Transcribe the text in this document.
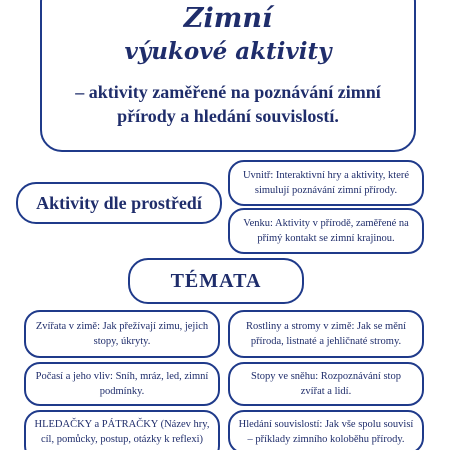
Zimní
výukové aktivity
– aktivity zaměřené na poznávání zimní přírody a hledání souvislostí.
Aktivity dle prostředí
Uvnitř: Interaktivní hry a aktivity, které simulují poznávání zimní přírody.
Venku: Aktivity v přírodě, zaměřené na přímý kontakt se zimní krajinou.
TÉMATA
Zvířata v zimě: Jak přežívají zimu, jejich stopy, úkryty.
Rostliny a stromy v zimě: Jak se mění příroda, listnaté a jehličnaté stromy.
Počasí a jeho vliv: Sníh, mráz, led, zimní podmínky.
Stopy ve sněhu: Rozpoznávání stop zvířat a lidí.
HLEDAČKY a PÁTRAČKY (Název hry, cíl, pomůcky, postup, otázky k reflexi)
Hledání souvislostí: Jak vše spolu souvisí – příklady zimního koloběhu přírody.
